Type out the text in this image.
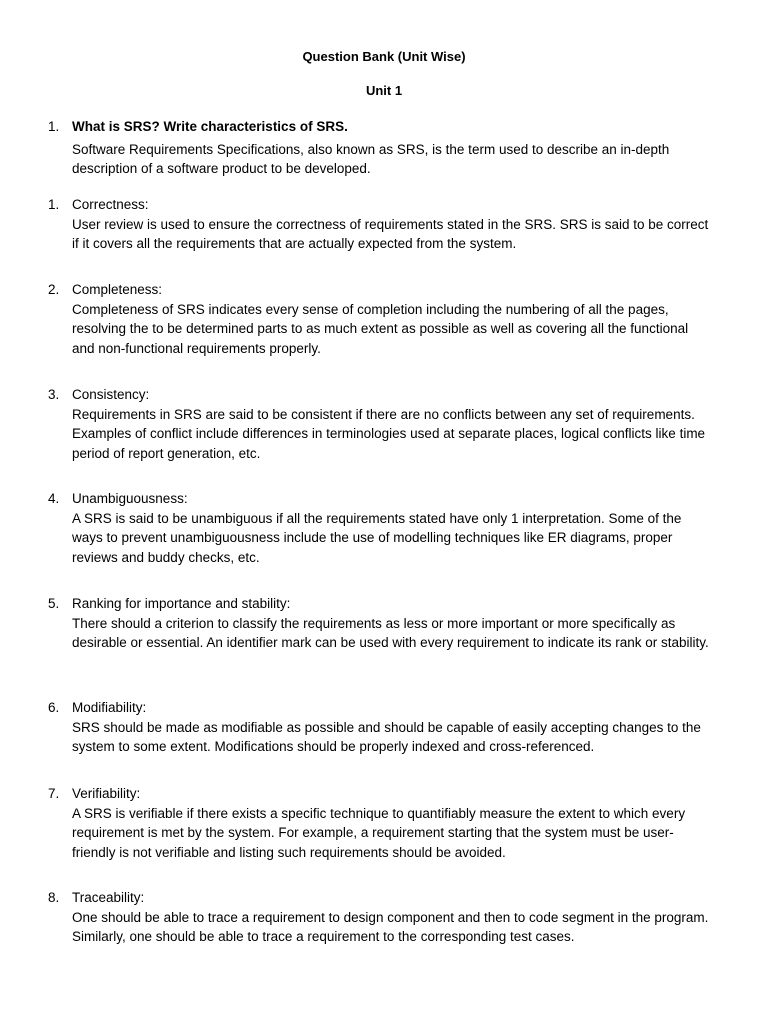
Question Bank (Unit Wise)
Unit 1
1. What is SRS? Write characteristics of SRS.
Software Requirements Specifications, also known as SRS, is the term used to describe an in-depth description of a software product to be developed.
1. Correctness:
User review is used to ensure the correctness of requirements stated in the SRS. SRS is said to be correct if it covers all the requirements that are actually expected from the system.
2. Completeness:
Completeness of SRS indicates every sense of completion including the numbering of all the pages, resolving the to be determined parts to as much extent as possible as well as covering all the functional and non-functional requirements properly.
3. Consistency:
Requirements in SRS are said to be consistent if there are no conflicts between any set of requirements. Examples of conflict include differences in terminologies used at separate places, logical conflicts like time period of report generation, etc.
4. Unambiguousness:
A SRS is said to be unambiguous if all the requirements stated have only 1 interpretation. Some of the ways to prevent unambiguousness include the use of modelling techniques like ER diagrams, proper reviews and buddy checks, etc.
5. Ranking for importance and stability:
There should a criterion to classify the requirements as less or more important or more specifically as desirable or essential. An identifier mark can be used with every requirement to indicate its rank or stability.
6. Modifiability:
SRS should be made as modifiable as possible and should be capable of easily accepting changes to the system to some extent. Modifications should be properly indexed and cross-referenced.
7. Verifiability:
A SRS is verifiable if there exists a specific technique to quantifiably measure the extent to which every requirement is met by the system. For example, a requirement starting that the system must be user-friendly is not verifiable and listing such requirements should be avoided.
8. Traceability:
One should be able to trace a requirement to design component and then to code segment in the program. Similarly, one should be able to trace a requirement to the corresponding test cases.
